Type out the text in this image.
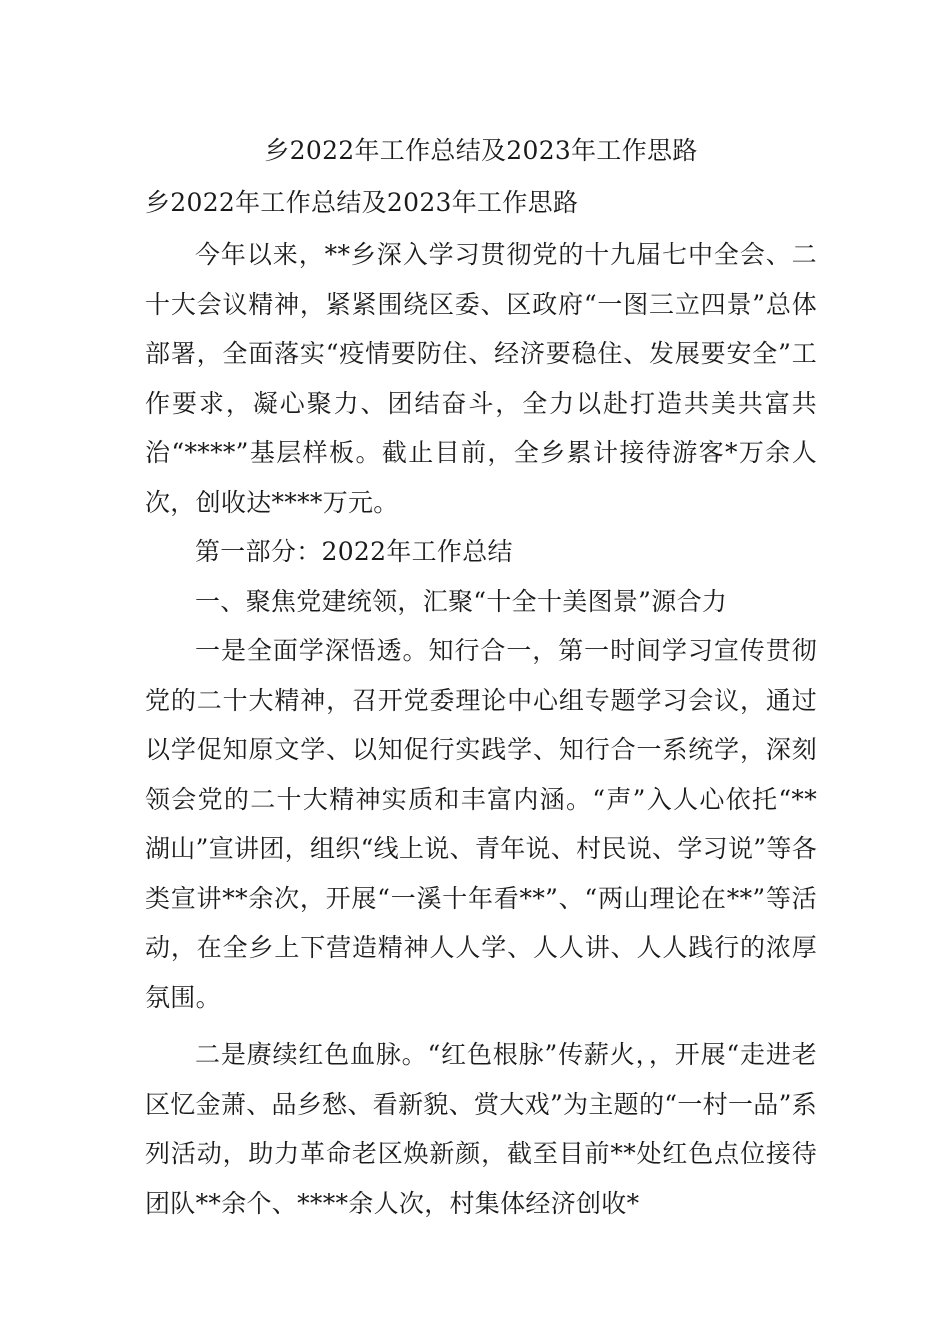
乡2022年工作总结及2023年工作思路
乡2022年工作总结及2023年工作思路

今年以来，**乡深入学习贯彻党的十九届七中全会、二十大会议精神，紧紧围绕区委、区政府“一图三立四景”总体部署，全面落实“疫情要防住、经济要稳住、发展要安全”工作要求，凝心聚力、团结奋斗，全力以赴打造共美共富共治“****”基层样板。截止目前，全乡累计接待游客*万余人次，创收达****万元。

第一部分：2022年工作总结

一、聚焦党建统领，汇聚“十全十美图景”源合力

一是全面学深悟透。知行合一，第一时间学习宣传贯彻党的二十大精神，召开党委理论中心组专题学习会议，通过以学促知原文学、以知促行实践学、知行合一系统学，深刻领会党的二十大精神实质和丰富内涵。“声”入人心依托“**湖山”宣讲团，组织“线上说、青年说、村民说、学习说”等各类宣讲**余次，开展“一溪十年看**”、“两山理论在**”等活动，在全乡上下营造精神人人学、人人讲、人人践行的浓厚氛围。

二是赓续红色血脉。“红色根脉”传薪火，，开展“走进老区忆金萧、品乡愁、看新貌、赏大戏”为主题的“一村一品”系列活动，助力革命老区焕新颜，截至目前**处红色点位接待团队**余个、****余人次，村集体经济创收*
